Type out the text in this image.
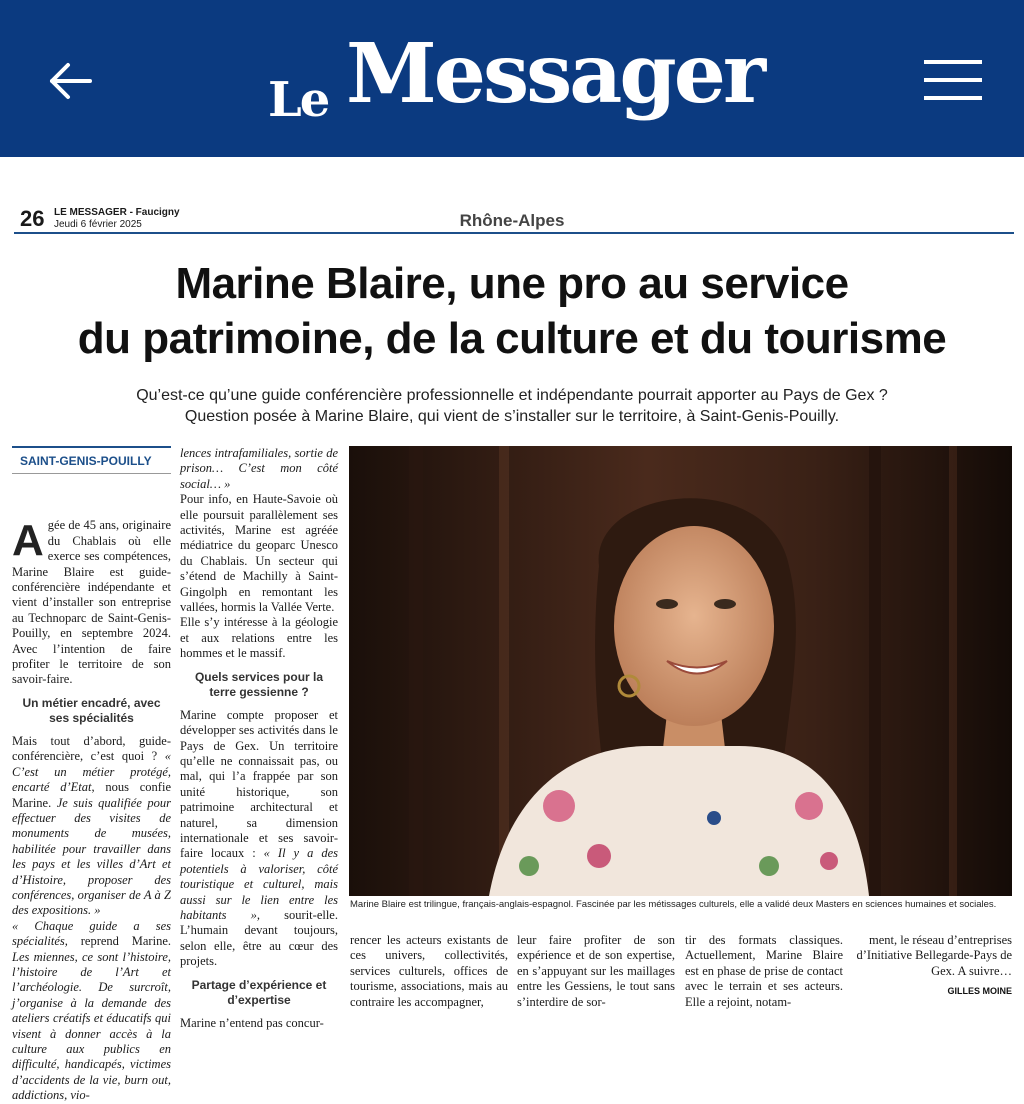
Le Messager
26 LE MESSAGER - Faucigny
Jeudi 6 février 2025	Rhône-Alpes
Marine Blaire, une pro au service
du patrimoine, de la culture et du tourisme
Qu’est-ce qu’une guide conférencière professionnelle et indépendante pourrait apporter au Pays de Gex ?
Question posée à Marine Blaire, qui vient de s’installer sur le territoire, à Saint-Genis-Pouilly.
SAINT-GENIS-POUILLY

Agée de 45 ans, originaire du Chablais où elle exerce ses compétences, Marine Blaire est guide-conférencière indépendante et vient d’installer son entreprise au Technoparc de Saint-Genis-Pouilly, en septembre 2024. Avec l’intention de faire profiter le territoire de son savoir-faire.

Un métier encadré, avec ses spécialités

Mais tout d’abord, guide-conférencière, c’est quoi ? « C’est un métier protégé, encarté d’Etat, nous confie Marine. Je suis qualifiée pour effectuer des visites de monuments de musées, habilitée pour travailler dans les pays et les villes d’Art et d’Histoire, proposer des conférences, organiser de A à Z des expositions. »

« Chaque guide a ses spécialités, reprend Marine. Les miennes, ce sont l’histoire, l’histoire de l’Art et l’archéologie. De surcroît, j’organise à la demande des ateliers créatifs et éducatifs qui visent à donner accès à la culture aux publics en difficulté, handicapés, victimes d’accidents de la vie, burn out, addictions, vio-

lences intrafamiliales, sortie de prison… C’est mon côté social… »

Pour info, en Haute-Savoie où elle poursuit parallèlement ses activités, Marine est agréée médiatrice du geoparc Unesco du Chablais. Un secteur qui s’étend de Machilly à Saint-Gingolph en remontant les vallées, hormis la Vallée Verte.

Elle s’y intéresse à la géologie et aux relations entre les hommes et le massif.

Quels services pour la terre gessienne ?

Marine compte proposer et développer ses activités dans le Pays de Gex. Un territoire qu’elle ne connaissait pas, ou mal, qui l’a frappée par son unité historique, son patrimoine architectural et naturel, sa dimension internationale et ses savoir-faire locaux : « Il y a des potentiels à valoriser, côté touristique et culturel, mais aussi sur le lien entre les habitants », sourit-elle. L’humain devant toujours, selon elle, être au cœur des projets.

Partage d’expérience et d’expertise

Marine n’entend pas concur-

Marine Blaire est trilingue, français-anglais-espagnol. Fascinée par les métissages culturels, elle a validé deux Masters en sciences humaines et sociales.
rencer les acteurs existants de ces univers, collectivités, services culturels, offices de tourisme, associations, mais au contraire les accompagner,
leur faire profiter de son expérience et de son expertise, en s’appuyant sur les maillages entre les Gessiens, le tout sans s’interdire de sor-
tir des formats classiques. Actuellement, Marine Blaire est en phase de prise de contact avec le terrain et ses acteurs. Elle a rejoint, notam-
ment, le réseau d’entreprises d’Initiative Bellegarde-Pays de Gex. A suivre…
GILLES MOINE
